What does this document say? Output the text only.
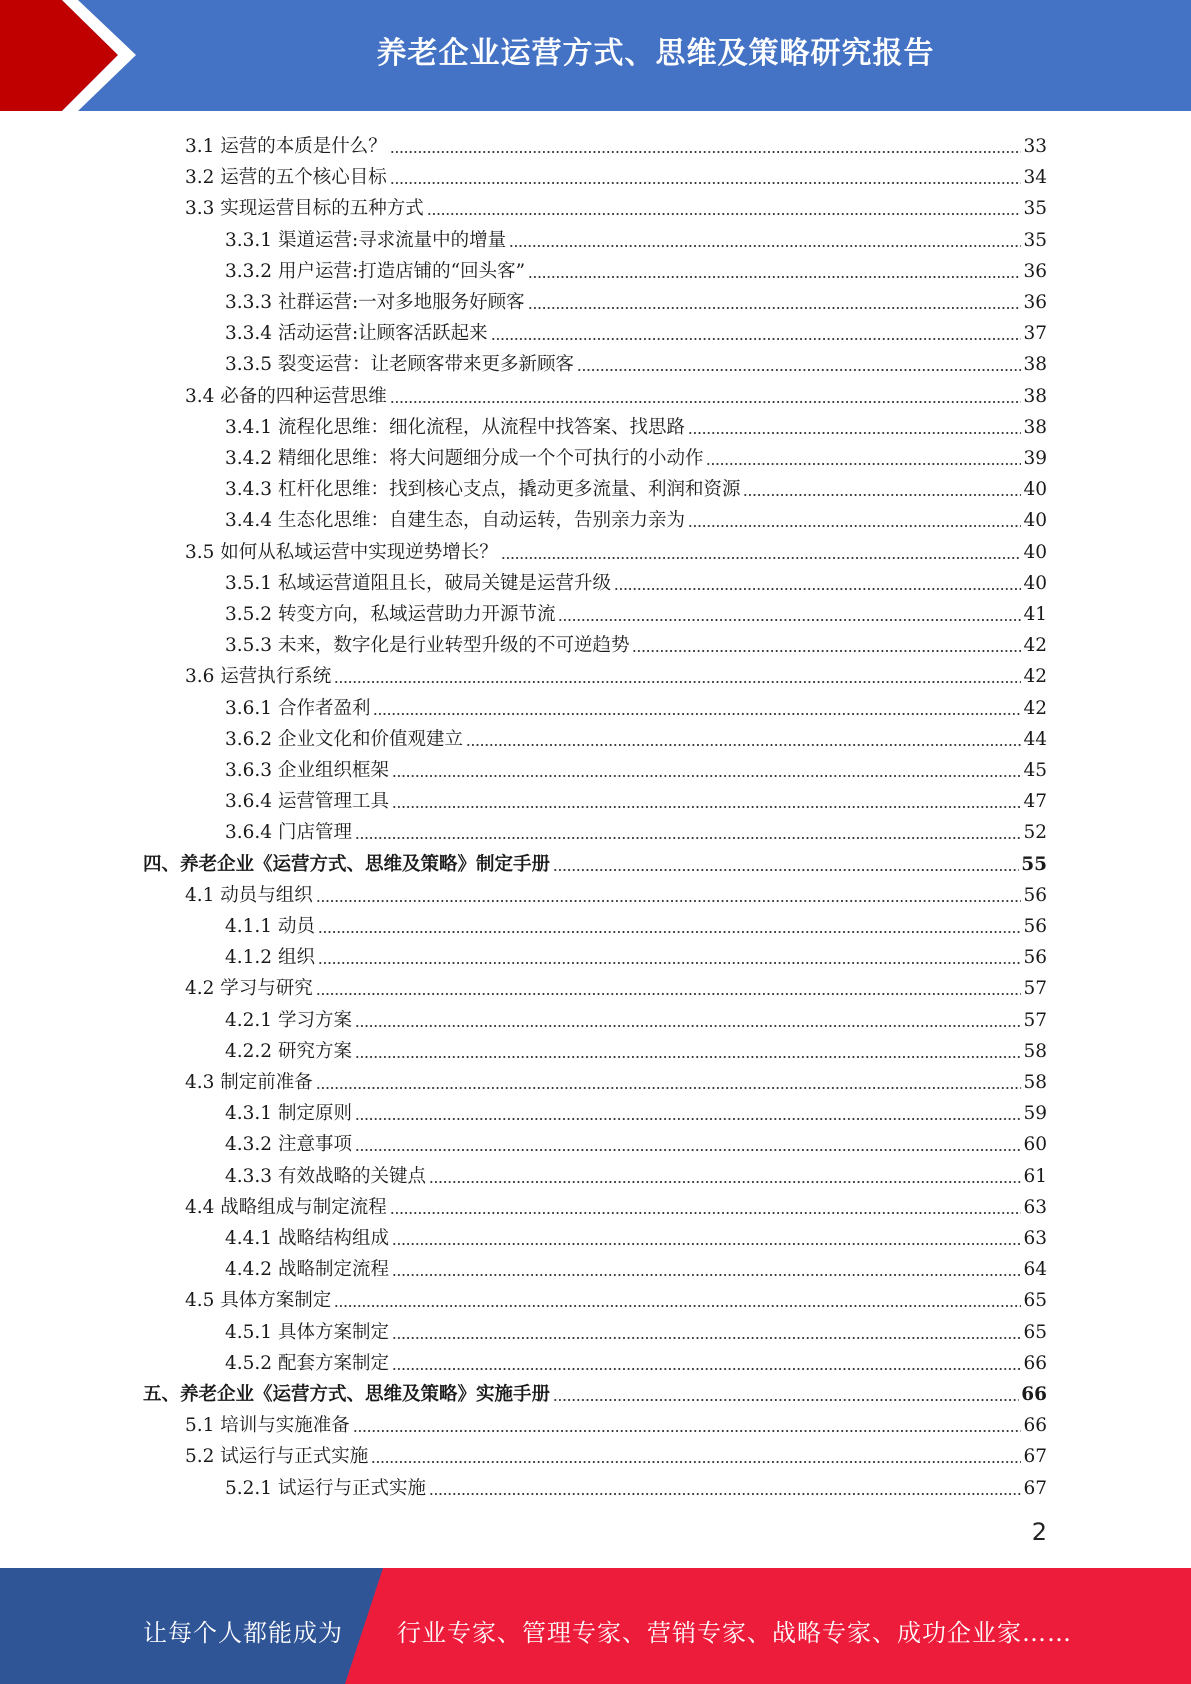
养老企业运营方式、思维及策略研究报告
3.1 运营的本质是什么？	33
3.2 运营的五个核心目标	34
3.3 实现运营目标的五种方式	35
3.3.1 渠道运营:寻求流量中的增量	35
3.3.2 用户运营:打造店铺的“回头客”	36
3.3.3 社群运营:一对多地服务好顾客	36
3.3.4 活动运营:让顾客活跃起来	37
3.3.5 裂变运营：让老顾客带来更多新顾客	38
3.4 必备的四种运营思维	38
3.4.1 流程化思维：细化流程，从流程中找答案、找思路	38
3.4.2 精细化思维：将大问题细分成一个个可执行的小动作	39
3.4.3 杠杆化思维：找到核心支点，撬动更多流量、利润和资源	40
3.4.4 生态化思维：自建生态，自动运转，告别亲力亲为	40
3.5 如何从私域运营中实现逆势增长？	40
3.5.1 私域运营道阻且长，破局关键是运营升级	40
3.5.2 转变方向，私域运营助力开源节流	41
3.5.3 未来，数字化是行业转型升级的不可逆趋势	42
3.6 运营执行系统	42
3.6.1 合作者盈利	42
3.6.2 企业文化和价值观建立	44
3.6.3 企业组织框架	45
3.6.4 运营管理工具	47
3.6.4 门店管理	52
四、养老企业《运营方式、思维及策略》制定手册	55
4.1 动员与组织	56
4.1.1 动员	56
4.1.2 组织	56
4.2 学习与研究	57
4.2.1 学习方案	57
4.2.2 研究方案	58
4.3 制定前准备	58
4.3.1 制定原则	59
4.3.2 注意事项	60
4.3.3 有效战略的关键点	61
4.4 战略组成与制定流程	63
4.4.1 战略结构组成	63
4.4.2 战略制定流程	64
4.5 具体方案制定	65
4.5.1 具体方案制定	65
4.5.2 配套方案制定	66
五、养老企业《运营方式、思维及策略》实施手册	66
5.1 培训与实施准备	66
5.2 试运行与正式实施	67
5.2.1 试运行与正式实施	67
2
让每个人都能成为 行业专家、管理专家、营销专家、战略专家、成功企业家……
